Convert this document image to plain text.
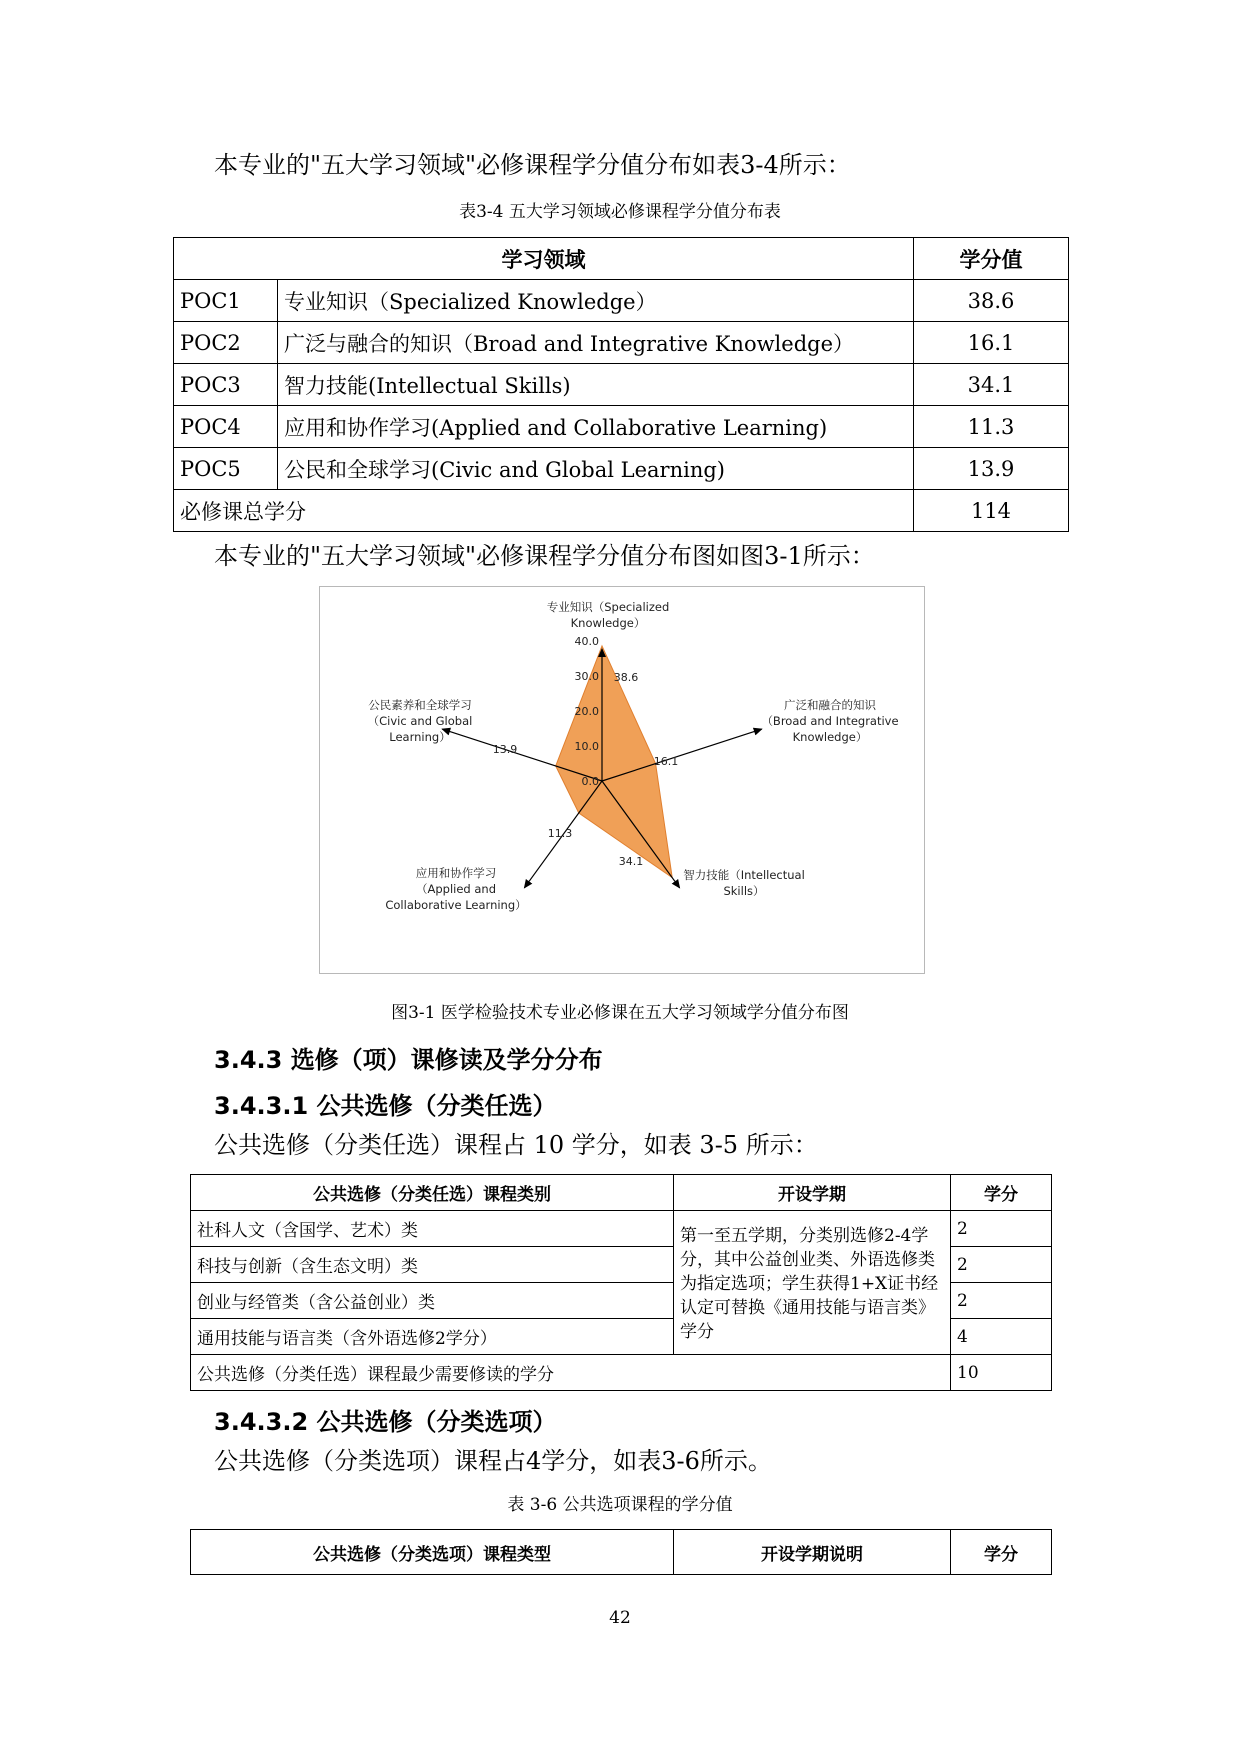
本专业的"五大学习领域"必修课程学分值分布如表3-4所示：
表3-4 五大学习领域必修课程学分值分布表
学习领域		学分值
POC1	专业知识（Specialized Knowledge）	38.6
POC2	广泛与融合的知识（Broad and Integrative Knowledge）	16.1
POC3	智力技能(Intellectual Skills)	34.1
POC4	应用和协作学习(Applied and Collaborative Learning)	11.3
POC5	公民和全球学习(Civic and Global Learning)	13.9
必修课总学分		114
本专业的"五大学习领域"必修课程学分值分布图如图3-1所示：
0.0
10.0
20.0
30.0
40.0
38.6
16.1
34.1
11.3
13.9
专业知识（Specialized Knowledge）
广泛和融合的知识（Broad and Integrative Knowledge）
智力技能（Intellectual Skills）
应用和协作学习（Applied and Collaborative Learning）
公民素养和全球学习（Civic and Global Learning）
图3-1 医学检验技术专业必修课在五大学习领域学分值分布图
3.4.3 选修（项）课修读及学分分布
3.4.3.1 公共选修（分类任选）
公共选修（分类任选）课程占 10 学分，如表 3-5 所示：
公共选修（分类任选）课程类别	开设学期	学分
社科人文（含国学、艺术）类	第一至五学期，分类别选修2-4学分，其中公益创业类、外语选修类为指定选项；学生获得1+X证书经认定可替换《通用技能与语言类》学分	2
科技与创新（含生态文明）类		2
创业与经管类（含公益创业）类		2
通用技能与语言类（含外语选修2学分）		4
公共选修（分类任选）课程最少需要修读的学分		10
3.4.3.2 公共选修（分类选项）
公共选修（分类选项）课程占4学分，如表3-6所示。
表 3-6 公共选项课程的学分值
公共选修（分类选项）课程类型	开设学期说明	学分
42
